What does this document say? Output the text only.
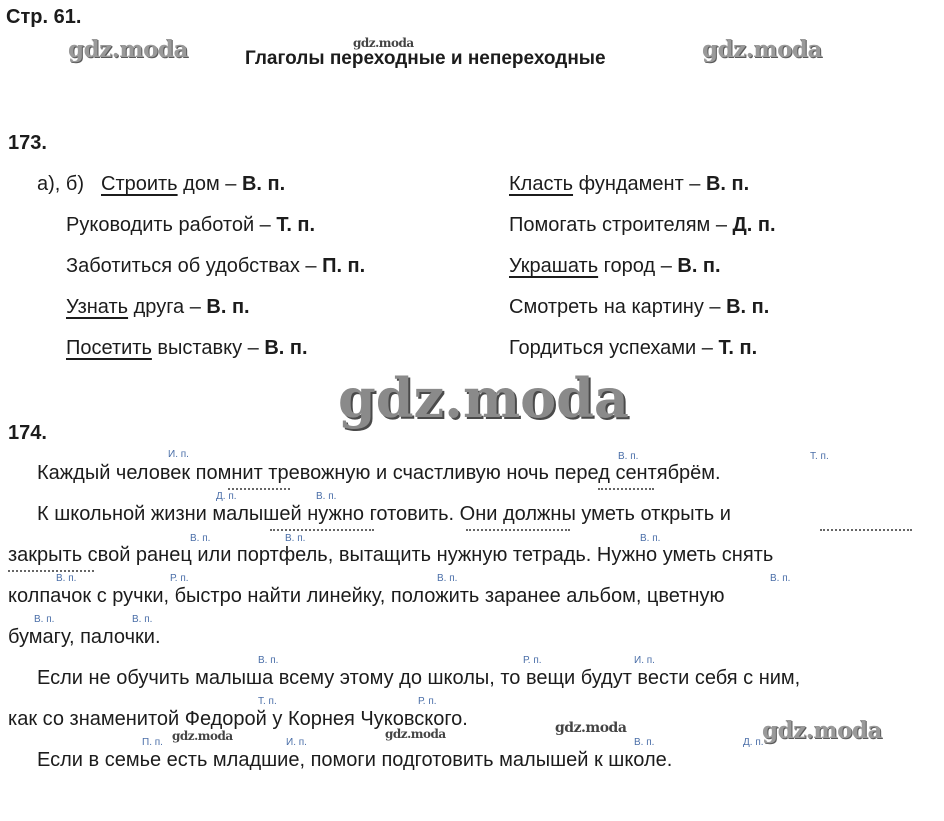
Стр. 61.
Глаголы переходные и непереходные
gdz.moda	gdz.moda	gdz.moda
gdz.moda
gdz.moda	gdz.moda	gdz.moda	gdz.moda
173.
а), б) Строить дом – В. п.
Руководить работой – Т. п.
Заботиться об удобствах – П. п.
Узнать друга – В. п.
Посетить выставку – В. п.
Класть фундамент – В. п.
Помогать строителям – Д. п.
Украшать город – В. п.
Смотреть на картину – В. п.
Гордиться успехами – Т. п.
174.
И. п.	В. п.	Т. п.
Д. п.	В. п.
В. п.	В. п.	В. п.
В. п.	Р. п.	В. п.	В. п.
В. п.	В. п.
В. п.	Р. п.	И. п.
Т. п.	Р. п.
П. п.	И. п.	В. п.	Д. п.
Каждый человек помнит тревожную и счастливую ночь перед сентябрём.
К школьной жизни малышей нужно готовить. Они должны уметь открыть и
закрыть свой ранец или портфель, вытащить нужную тетрадь. Нужно уметь снять
колпачок с ручки, быстро найти линейку, положить заранее альбом, цветную
бумагу, палочки.
Если не обучить малыша всему этому до школы, то вещи будут вести себя с ним,
как со знаменитой Федорой у Корнея Чуковского.
Если в семье есть младшие, помоги подготовить малышей к школе.
